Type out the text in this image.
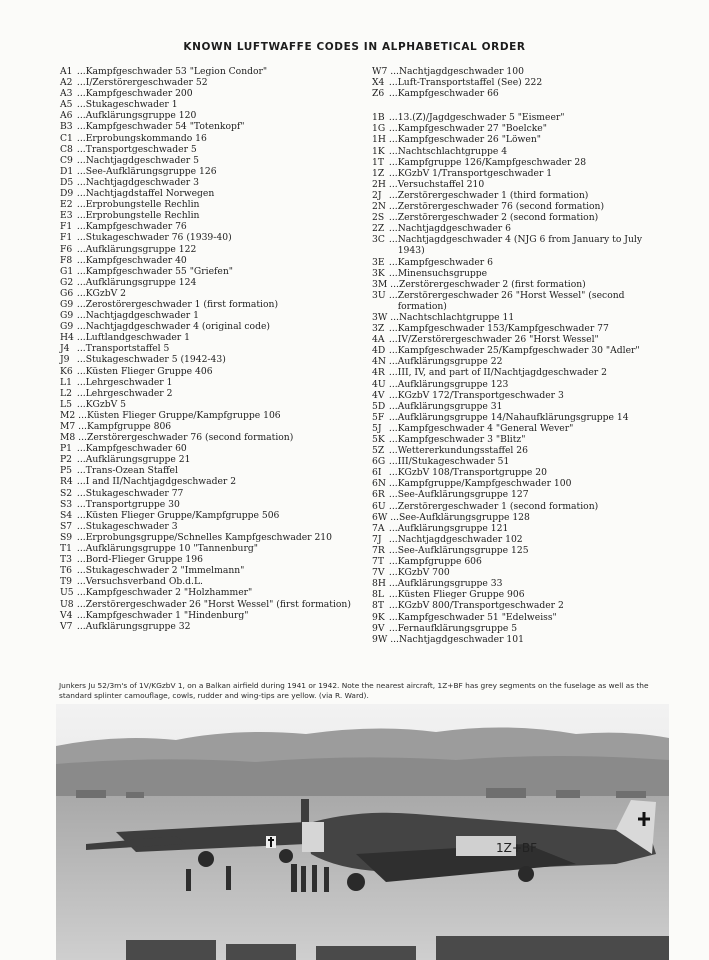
KNOWN LUFTWAFFE CODES IN ALPHABETICAL ORDER
A1 ... Kampfgeschwader 53 "Legion Condor"
A2 ... I/Zerstörergeschwader 52
A3 ... Kampfgeschwader 200
A5 ... Stukageschwader 1
A6 ... Aufklärungsgruppe 120
B3 ... Kampfgeschwader 54 "Totenkopf"
C1 ... Erprobungskommando 16
C8 ... Transportgeschwader 5
C9 ... Nachtjagdgeschwader 5
D1 ... See-Aufklärungsgruppe 126
D5 ... Nachtjagdgeschwader 3
D9 ... Nachtjagdstaffel Norwegen
E2 ... Erprobungstelle Rechlin
E3 ... Erprobungstelle Rechlin
F1 ... Kampfgeschwader 76
F1 ... Stukageschwader 76 (1939-40)
F6 ... Aufklärungsgruppe 122
F8 ... Kampfgeschwader 40
G1 ... Kampfgeschwader 55 "Griefen"
G2 ... Aufklärungsgruppe 124
G6 ... KGzbV 2
G9 ... Zerostörergeschwader 1 (first formation)
G9 ... Nachtjagdgeschwader 1
G9 ... Nachtjagdgeschwader 4 (original code)
H4 ... Luftlandgeschwader 1
J4 ... Transportstaffel 5
J9 ... Stukageschwader 5 (1942-43)
K6 ... Küsten Flieger Gruppe 406
L1 ... Lehrgeschwader 1
L2 ... Lehrgeschwader 2
L5 ... KGzbV 5
M2 ... Küsten Flieger Gruppe/Kampfgruppe 106
M7 ... Kampfgruppe 806
M8 ... Zerstörergeschwader 76 (second formation)
P1 ... Kampfgeschwader 60
P2 ... Aufklärungsgruppe 21
P5 ... Trans-Ozean Staffel
R4 ... I and II/Nachtjagdgeschwader 2
S2 ... Stukageschwader 77
S3 ... Transportgruppe 30
S4 ... Küsten Flieger Gruppe/Kampfgruppe 506
S7 ... Stukageschwader 3
S9 ... Erprobungsgruppe/Schnelles Kampfgeschwader 210
T1 ... Aufklärungsgruppe 10 "Tannenburg"
T3 ... Bord-Flieger Gruppe 196
T6 ... Stukageschwader 2 "Immelmann"
T9 ... Versuchsverband Ob.d.L.
U5 ... Kampfgeschwader 2 "Holzhammer"
U8 ... Zerstörergeschwader 26 "Horst Wessel" (first formation)
V4 ... Kampfgeschwader 1 "Hindenburg"
V7 ... Aufklärungsgruppe 32
W7 ... Nachtjagdgeschwader 100
X4 ... Luft-Transportstaffel (See) 222
Z6 ... Kampfgeschwader 66
1B ... 13.(Z)/Jagdgeschwader 5 "Eismeer"
1G ... Kampfgeschwader 27 "Boelcke"
1H ... Kampfgeschwader 26 "Löwen"
1K ... Nachtschlachtgruppe 4
1T ... Kampfgruppe 126/Kampfgeschwader 28
1Z ... KGzbV 1/Transportgeschwader 1
2H ... Versuchstaffel 210
2J ... Zerstörergeschwader 1 (third formation)
2N ... Zerstörergeschwader 76 (second formation)
2S ... Zerstörergeschwader 2 (second formation)
2Z ... Nachtjagdgeschwader 6
3C ... Nachtjagdgeschwader 4 (NJG 6 from January to July 1943)
3E ... Kampfgeschwader 6
3K ... Minensuchsgruppe
3M ... Zerstörergeschwader 2 (first formation)
3U ... Zerstörergeschwader 26 "Horst Wessel" (second formation)
3W ... Nachtschlachtgruppe 11
3Z ... Kampfgeschwader 153/Kampfgeschwader 77
4A ... IV/Zerstörergeschwader 26 "Horst Wessel"
4D ... Kampfgeschwader 25/Kampfgeschwader 30 "Adler"
4N ... Aufklärungsgruppe 22
4R ... III, IV, and part of II/Nachtjagdgeschwader 2
4U ... Aufklärungsgruppe 123
4V ... KGzbV 172/Transportgeschwader 3
5D ... Aufklärungsgruppe 31
5F ... Aufklärungsgruppe 14/Nahaufklärungsgruppe 14
5J ... Kampfgeschwader 4 "General Wever"
5K ... Kampfgeschwader 3 "Blitz"
5Z ... Wettererkundungsstaffel 26
6G ... III/Stukageschwader 51
6I ... KGzbV 108/Transportgruppe 20
6N ... Kampfgruppe/Kampfgeschwader 100
6R ... See-Aufklärungsgruppe 127
6U ... Zerstörergeschwader 1 (second formation)
6W ... See-Aufklärungsgruppe 128
7A ... Aufklärungsgruppe 121
7J ... Nachtjagdgeschwader 102
7R ... See-Aufklärungsgruppe 125
7T ... Kampfgruppe 606
7V ... KGzbV 700
8H ... Aufklärungsgruppe 33
8L ... Küsten Flieger Gruppe 906
8T ... KGzbV 800/Transportgeschwader 2
9K ... Kampfgeschwader 51 "Edelweiss"
9V ... Fernaufklärungsgruppe 5
9W ... Nachtjagdgeschwader 101
Junkers Ju 52/3m's of 1V/KGzbV 1, on a Balkan airfield during 1941 or 1942. Note the nearest aircraft, 1Z+BF has grey segments on the fuselage as well as the standard splinter camouflage, cowls, rudder and wing-tips are yellow. (via R. Ward).
1Z+BF
